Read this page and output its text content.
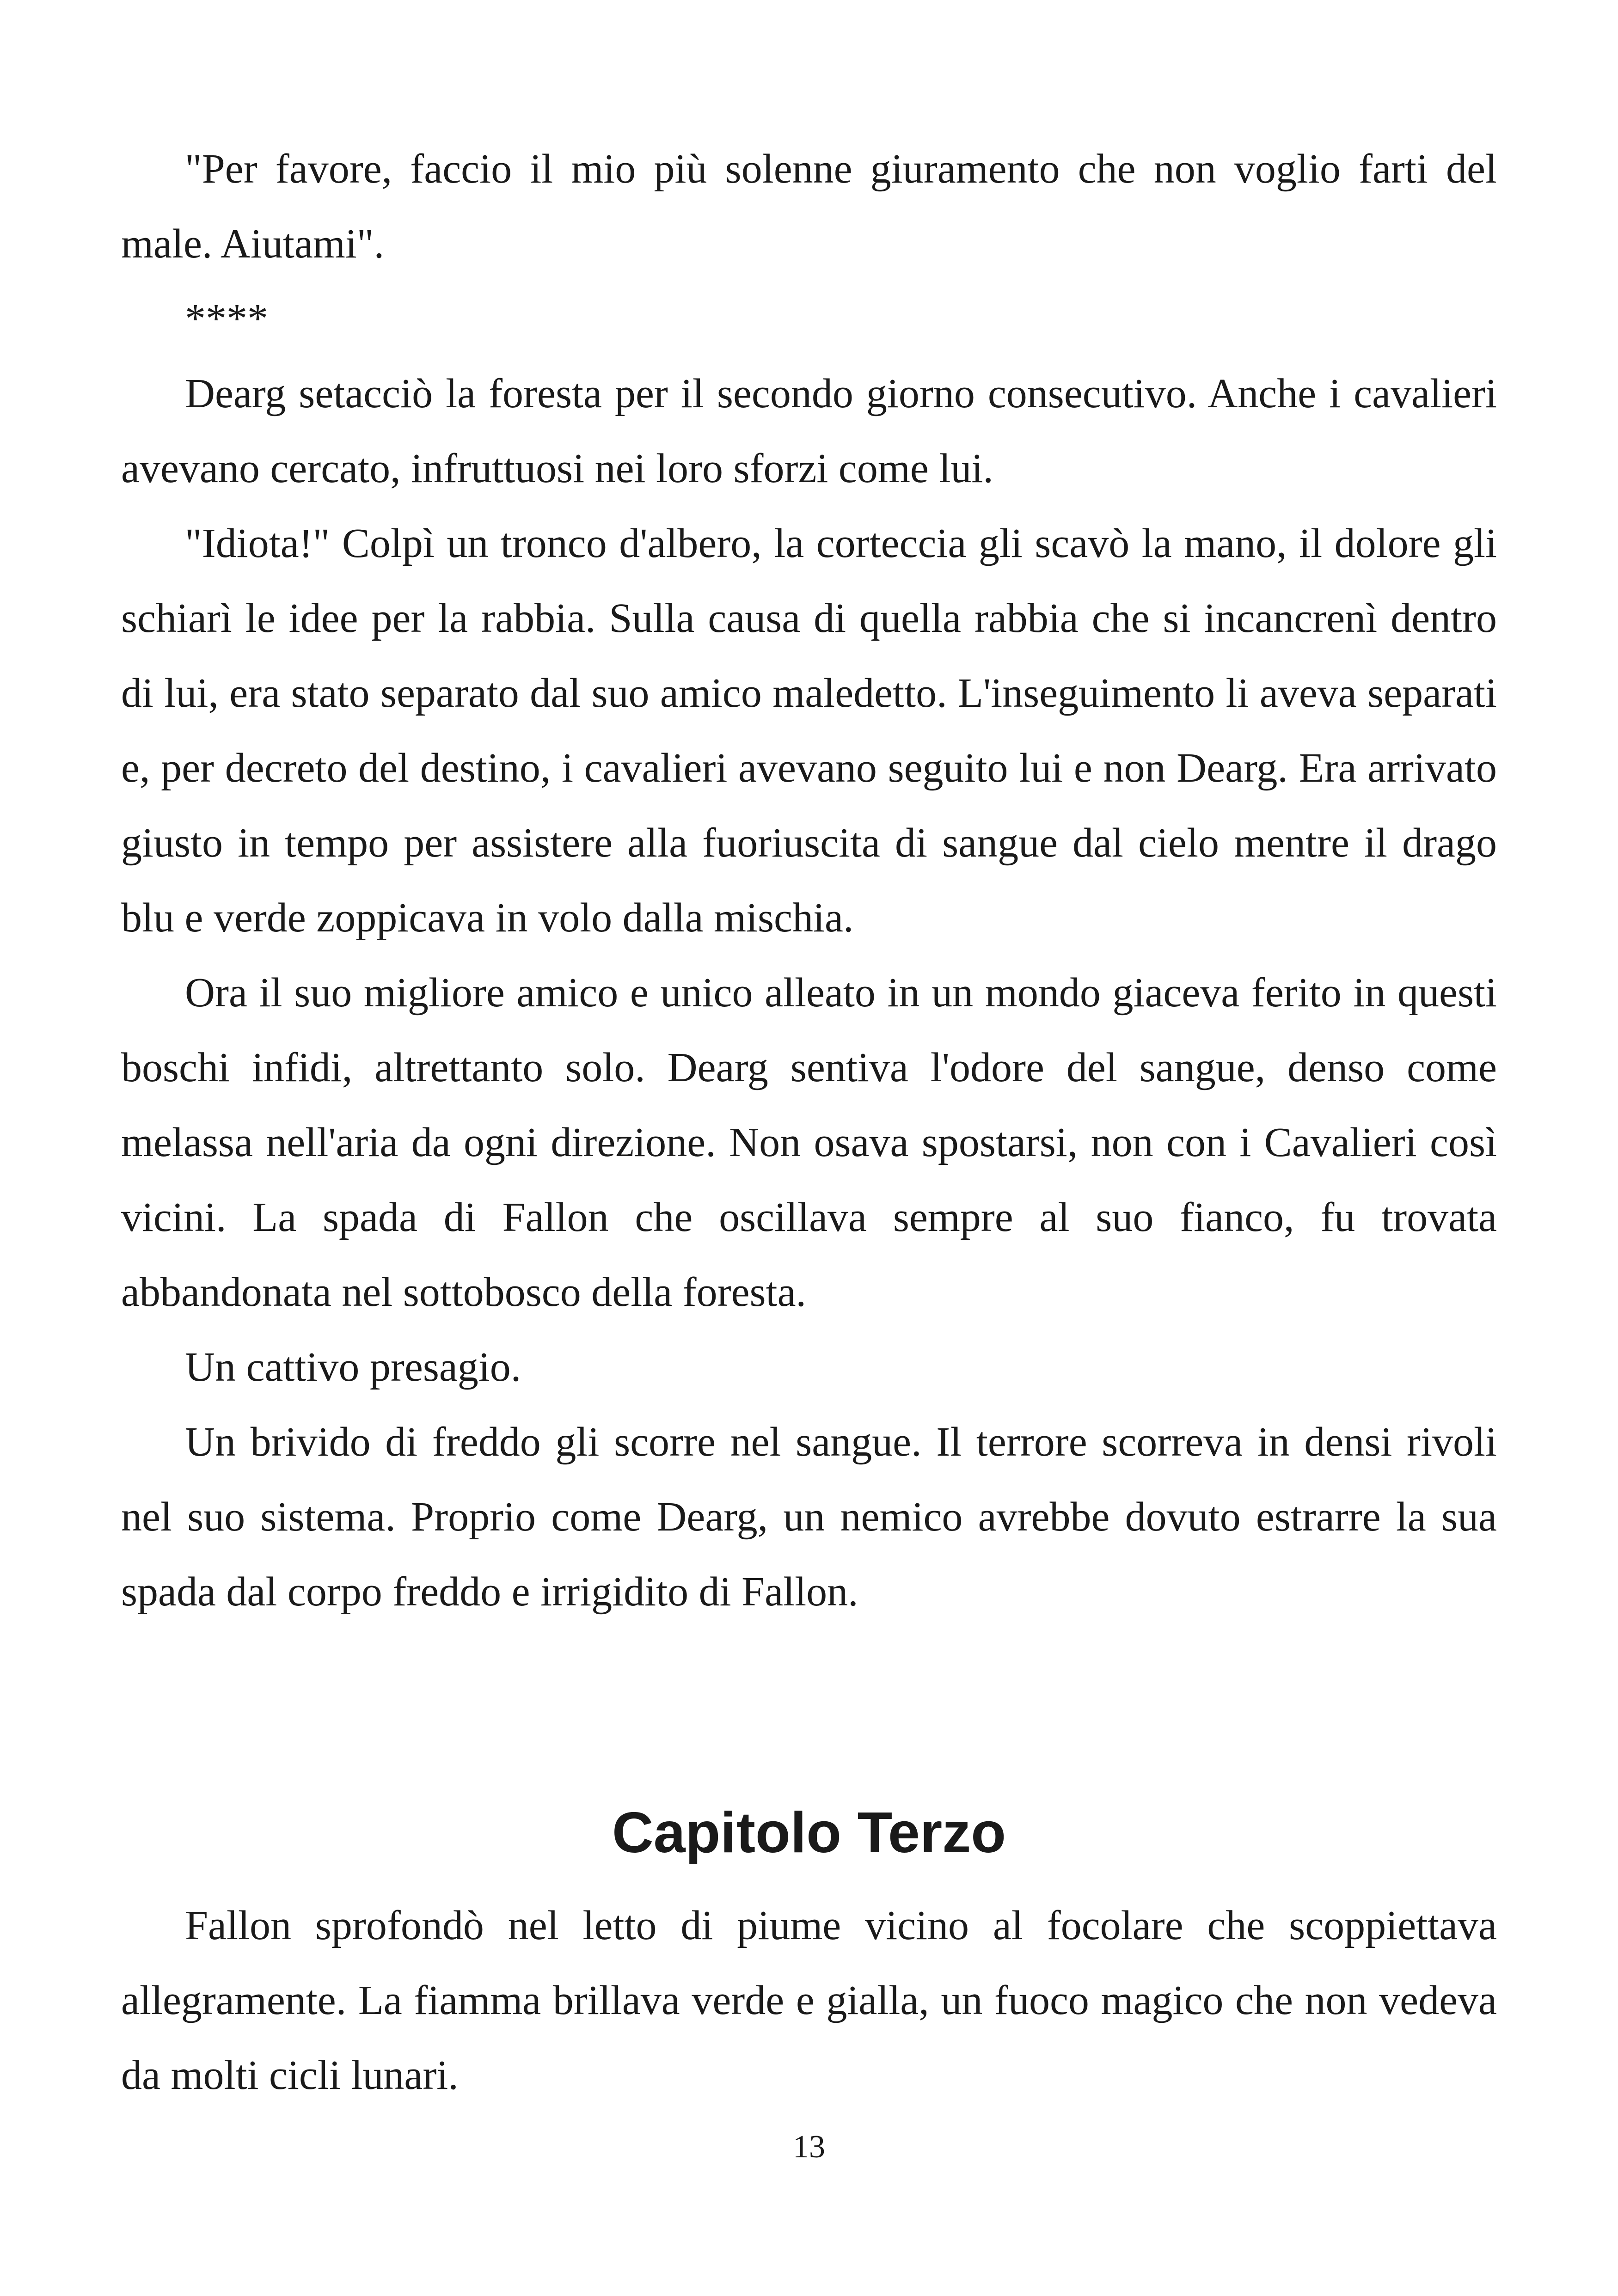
"Per favore, faccio il mio più solenne giuramento che non voglio farti del male. Aiutami".

****

Dearg setacciò la foresta per il secondo giorno consecutivo. Anche i cavalieri avevano cercato, infruttuosi nei loro sforzi come lui.

"Idiota!" Colpì un tronco d'albero, la corteccia gli scavò la mano, il dolore gli schiarì le idee per la rabbia. Sulla causa di quella rabbia che si incancrenì dentro di lui, era stato separato dal suo amico maledetto. L'inseguimento li aveva separati e, per decreto del destino, i cavalieri avevano seguito lui e non Dearg. Era arrivato giusto in tempo per assistere alla fuoriuscita di sangue dal cielo mentre il drago blu e verde zoppicava in volo dalla mischia.

Ora il suo migliore amico e unico alleato in un mondo giaceva ferito in questi boschi infidi, altrettanto solo. Dearg sentiva l'odore del sangue, denso come melassa nell'aria da ogni direzione. Non osava spostarsi, non con i Cavalieri così vicini. La spada di Fallon che oscillava sempre al suo fianco, fu trovata abbandonata nel sottobosco della foresta.

Un cattivo presagio.

Un brivido di freddo gli scorre nel sangue. Il terrore scorreva in densi rivoli nel suo sistema. Proprio come Dearg, un nemico avrebbe dovuto estrarre la sua spada dal corpo freddo e irrigidito di Fallon.

Capitolo Terzo

Fallon sprofondò nel letto di piume vicino al focolare che scoppiettava allegramente. La fiamma brillava verde e gialla, un fuoco magico che non vedeva da molti cicli lunari.

13
